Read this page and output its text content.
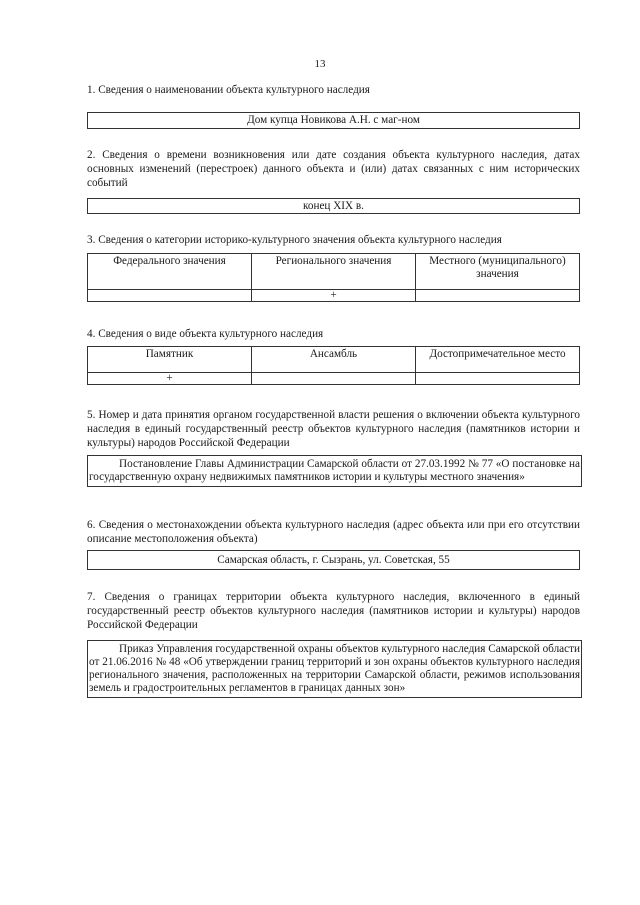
13
1. Сведения о наименовании объекта культурного наследия
Дом купца Новикова А.Н. с маг-ном
2. Сведения о времени возникновения или дате создания объекта культурного наследия, датах основных изменений (перестроек) данного объекта и (или) датах связанных с ним исторических событий
конец XIX в.
3. Сведения о категории историко-культурного значения объекта культурного наследия
Федерального значения	Регионального значения	Местного (муниципального) значения
	+	
4. Сведения о виде объекта культурного наследия
Памятник	Ансамбль	Достопримечательное место
+		
5. Номер и дата принятия органом государственной власти решения о включении объекта культурного наследия в единый государственный реестр объектов культурного наследия (памятников истории и культуры) народов Российской Федерации
Постановление Главы Администрации Самарской области от 27.03.1992 № 77 «О постановке на государственную охрану недвижимых памятников истории и культуры местного значения»
6. Сведения о местонахождении объекта культурного наследия (адрес объекта или при его отсутствии описание местоположения объекта)
Самарская область, г. Сызрань, ул. Советская, 55
7. Сведения о границах территории объекта культурного наследия, включенного в единый государственный реестр объектов культурного наследия (памятников истории и культуры) народов Российской Федерации
Приказ Управления государственной охраны объектов культурного наследия Самарской области от 21.06.2016 № 48 «Об утверждении границ территорий и зон охраны объектов культурного наследия регионального значения, расположенных на территории Самарской области, режимов использования земель и градостроительных регламентов в границах данных зон»
